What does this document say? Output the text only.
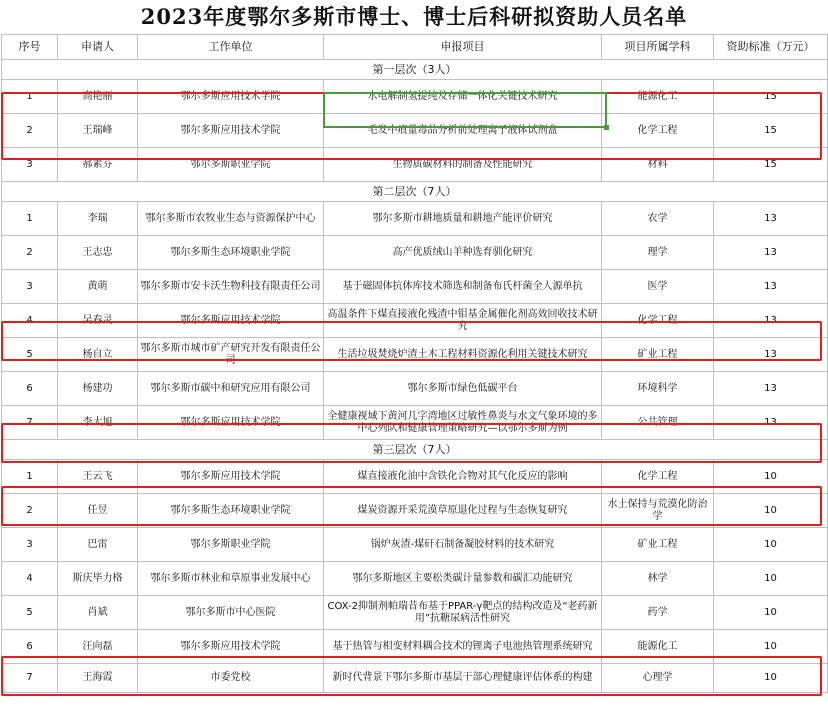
2023年度鄂尔多斯市博士、博士后科研拟资助人员名单
序号	申请人	工作单位	申报项目	项目所属学科	资助标准（万元）
第一层次（3人）					
1	高艳丽	鄂尔多斯应用技术学院	水电解制氢提纯及存储一体化关键技术研究	能源化工	15
2	王瑞峰	鄂尔多斯应用技术学院	毛发中痕量毒品分析前处理离子液体试剂盒	化学工程	15
3	郝素芬	鄂尔多斯职业学院	生物质碳材料的制备及性能研究	材料	15
第二层次（7人）					
1	李瑞	鄂尔多斯市农牧业生态与资源保护中心	鄂尔多斯市耕地质量和耕地产能评价研究	农学	13
2	王志忠	鄂尔多斯生态环境职业学院	高产优质绒山羊种选育驯化研究	理学	13
3	黄萌	鄂尔多斯市安卡沃生物科技有限责任公司	基于磁固体抗体库技术筛选和制备布氏杆菌全人源单抗	医学	13
4	吴春灵	鄂尔多斯应用技术学院	高温条件下煤直接液化残渣中钼基金属催化剂高效回收技术研究	化学工程	13
5	杨自立	鄂尔多斯市城市矿产研究开发有限责任公司	生活垃圾焚烧炉渣土木工程材料资源化利用关键技术研究	矿业工程	13
6	杨建功	鄂尔多斯市碳中和研究应用有限公司	鄂尔多斯市绿色低碳平台	环境科学	13
7	李大旭	鄂尔多斯应用技术学院	全健康视域下黄河几字湾地区过敏性鼻炎与水文气象环境的多中心列队和健康管理策略研究—以鄂尔多斯为例	公共管理	13
第三层次（7人）					
1	王云飞	鄂尔多斯应用技术学院	煤直接液化油中含铁化合物对其气化反应的影响	化学工程	10
2	任昱	鄂尔多斯生态环境职业学院	煤炭资源开采荒漠草原退化过程与生态恢复研究	水土保持与荒漠化防治学	10
3	巴雷	鄂尔多斯职业学院	锅炉灰渣-煤矸石制备凝胶材料的技术研究	矿业工程	10
4	斯庆毕力格	鄂尔多斯市林业和草原事业发展中心	鄂尔多斯地区主要松类碳计量参数和碳汇功能研究	林学	10
5	肖斌	鄂尔多斯市中心医院	COX-2抑制剂帕瑞昔布基于PPAR-γ靶点的结构改造及“老药新用”抗糖尿病活性研究	药学	10
6	汪向磊	鄂尔多斯应用技术学院	基于热管与相变材料耦合技术的锂离子电池热管理系统研究	能源化工	10
7	王海霞	市委党校	新时代背景下鄂尔多斯市基层干部心理健康评估体系的构建	心理学	10
